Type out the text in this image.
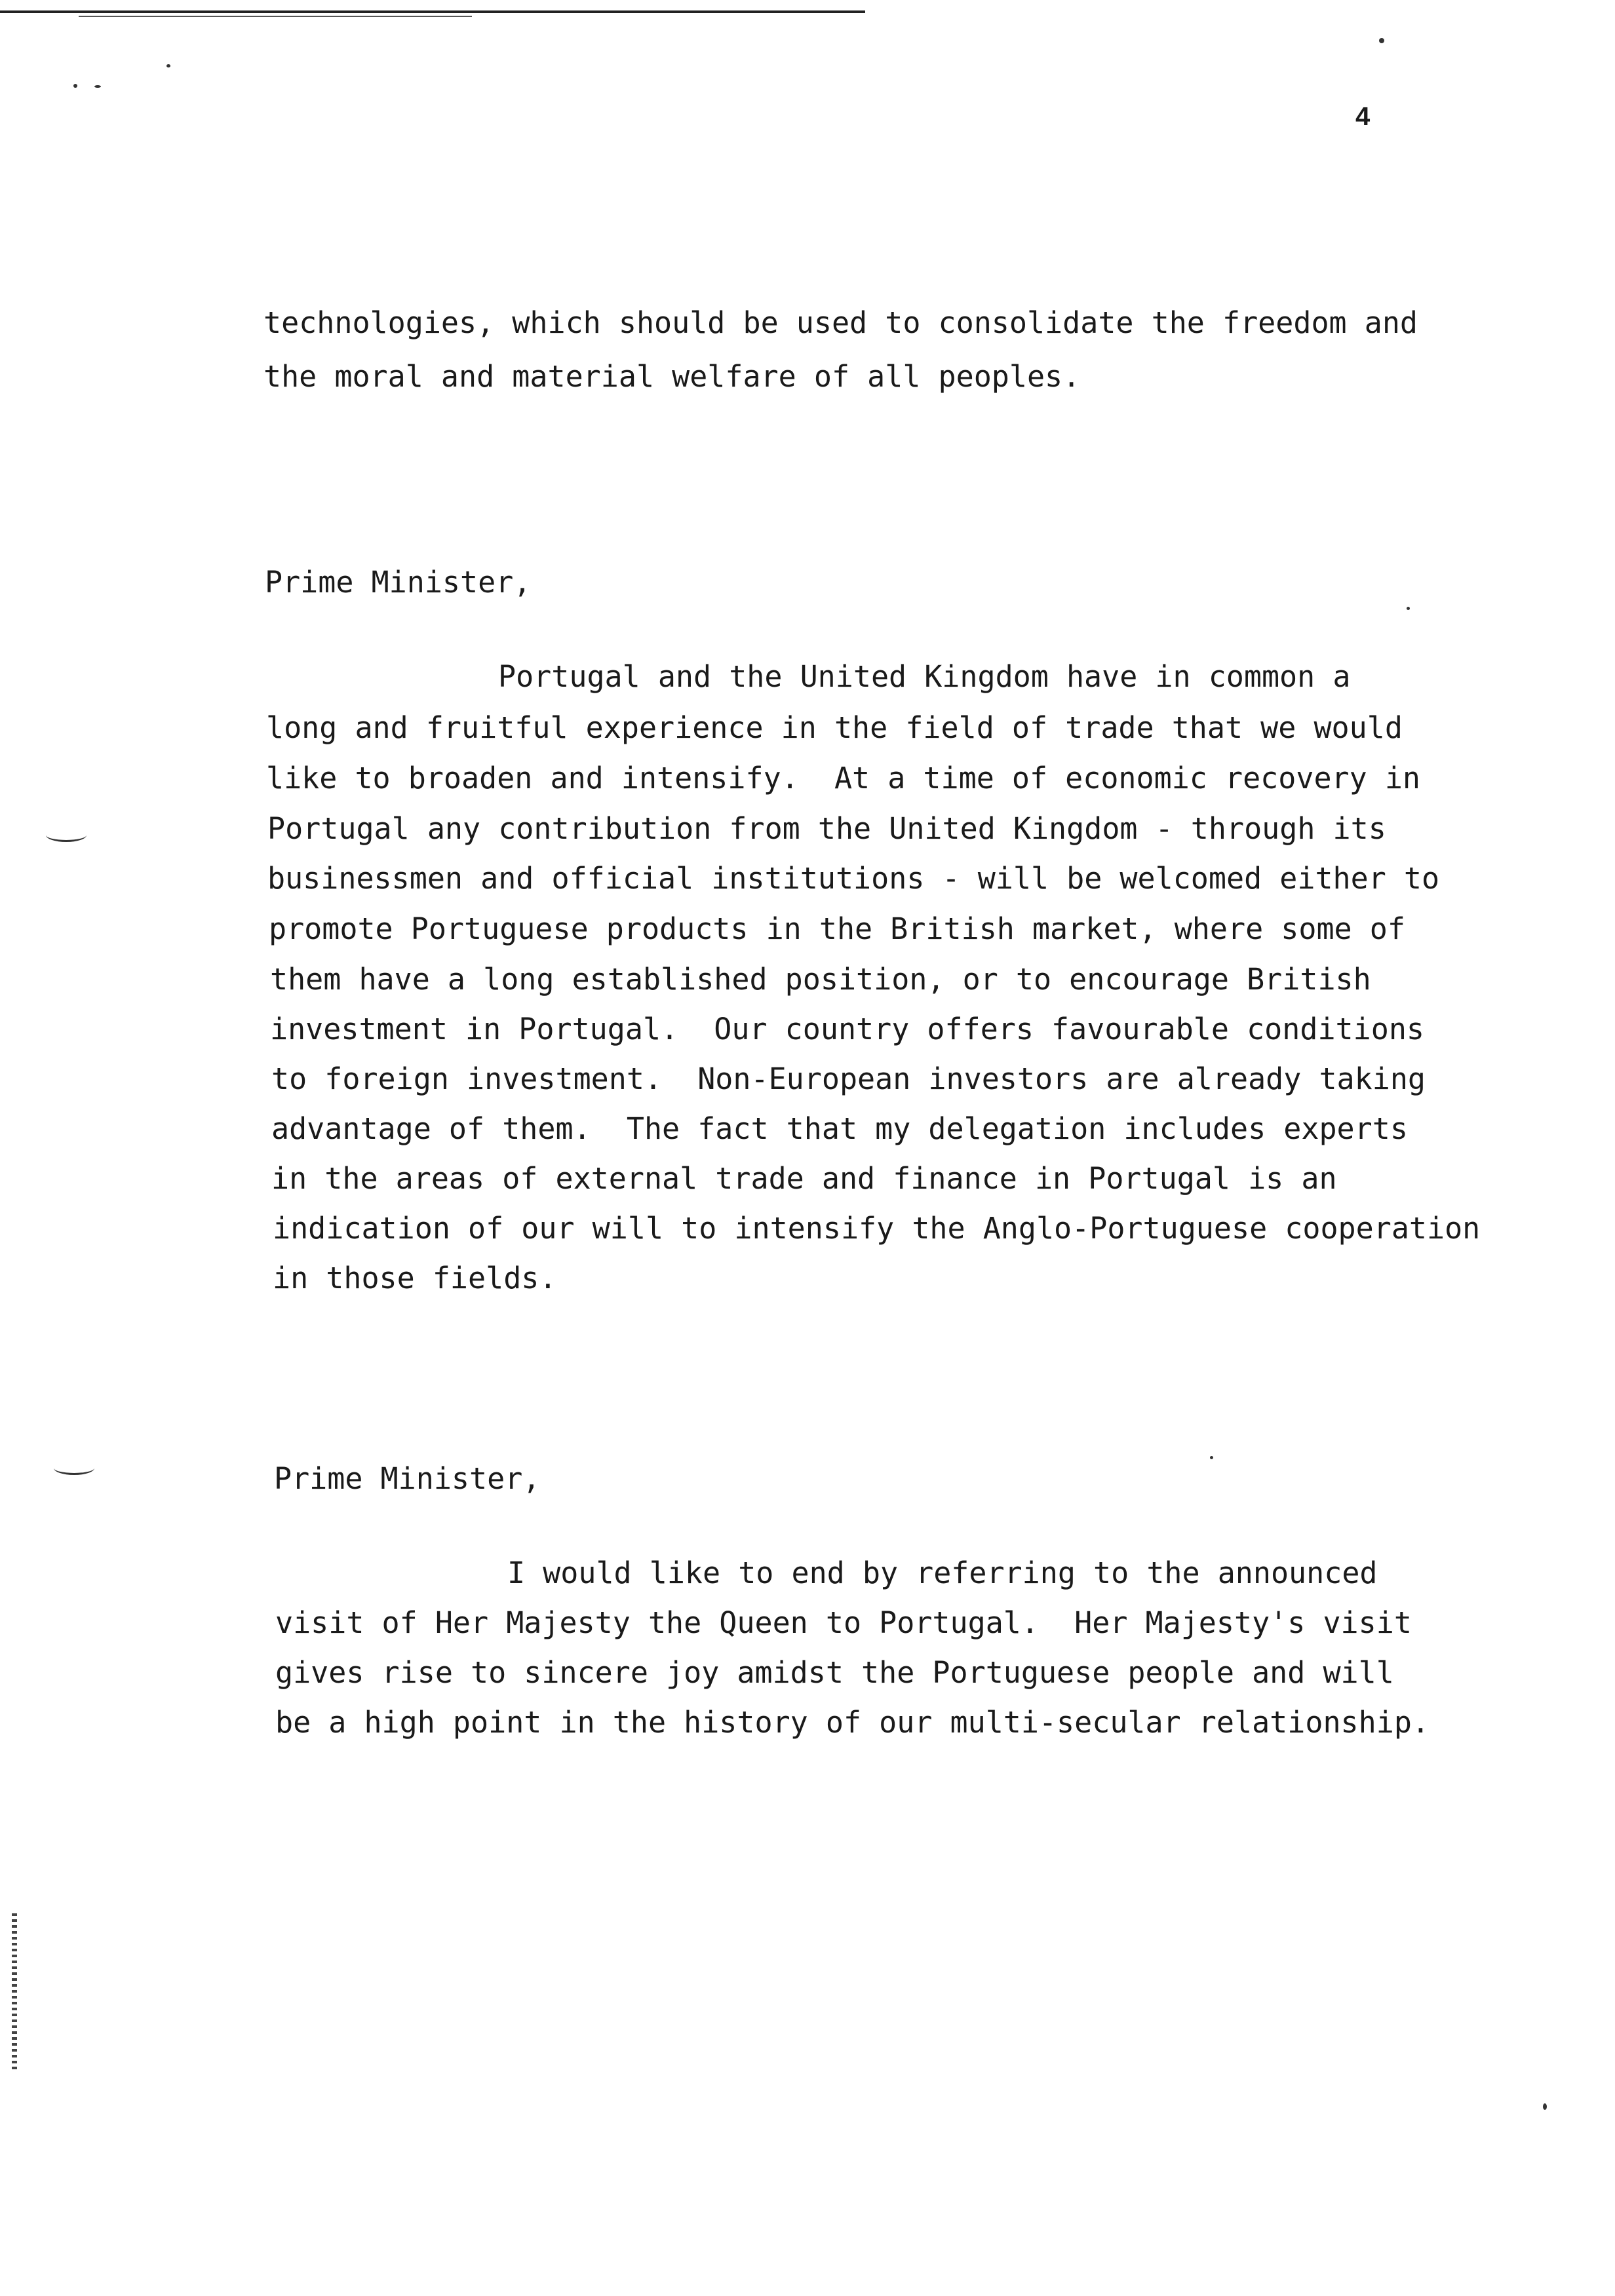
4
technologies, which should be used to consolidate the freedom and
the moral and material welfare of all peoples.
Prime Minister,
Portugal and the United Kingdom have in common a
long and fruitful experience in the field of trade that we would
like to broaden and intensify.  At a time of economic recovery in
Portugal any contribution from the United Kingdom - through its
businessmen and official institutions - will be welcomed either to
promote Portuguese products in the British market, where some of
them have a long established position, or to encourage British
investment in Portugal.  Our country offers favourable conditions
to foreign investment.  Non-European investors are already taking
advantage of them.  The fact that my delegation includes experts
in the areas of external trade and finance in Portugal is an
indication of our will to intensify the Anglo-Portuguese cooperation
in those fields.
Prime Minister,
I would like to end by referring to the announced
visit of Her Majesty the Queen to Portugal.  Her Majesty's visit
gives rise to sincere joy amidst the Portuguese people and will
be a high point in the history of our multi-secular relationship.
